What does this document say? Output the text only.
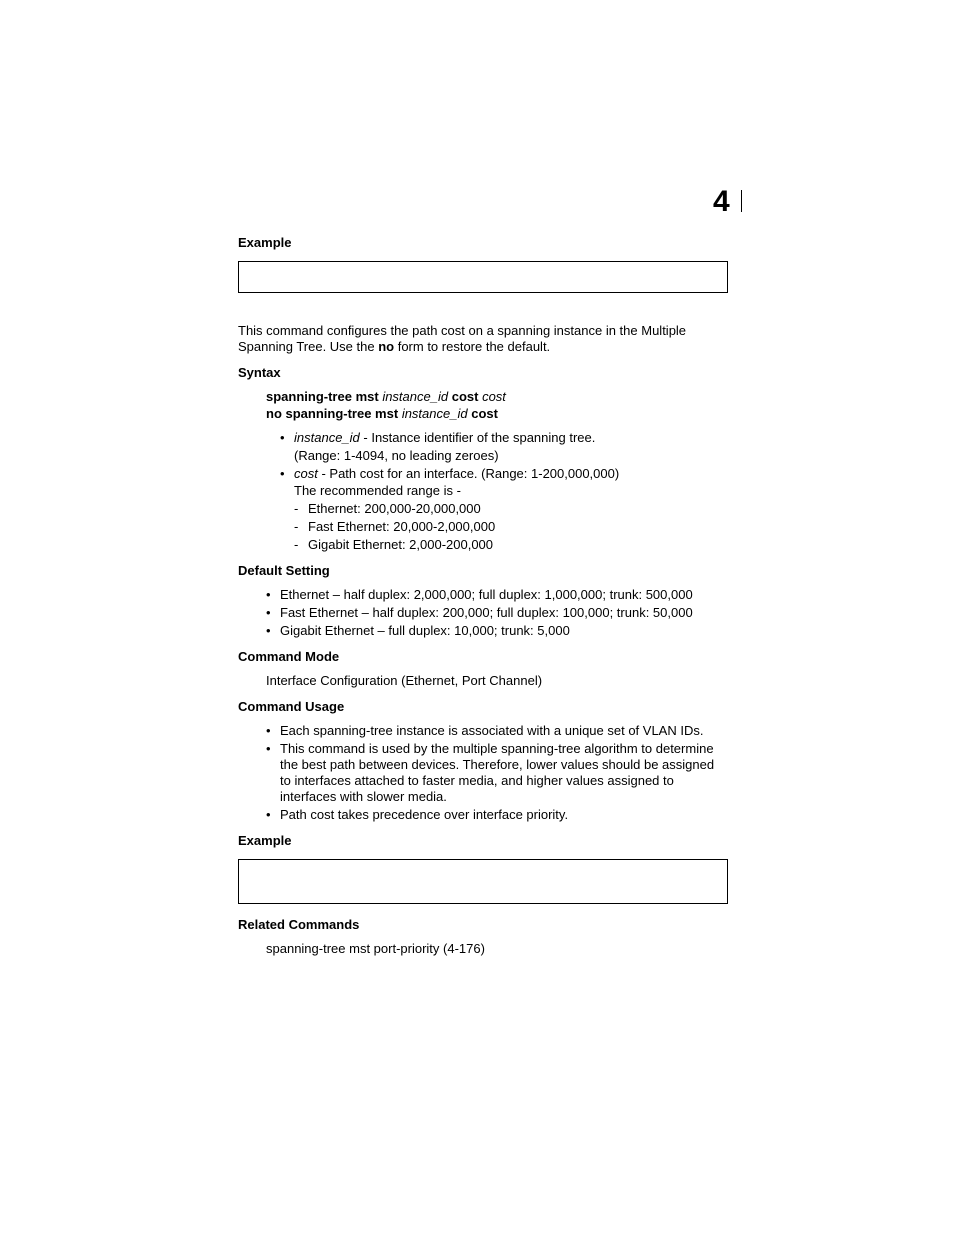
4
Example
This command configures the path cost on a spanning instance in the Multiple Spanning Tree. Use the no form to restore the default.
Syntax
spanning-tree mst instance_id cost cost
no spanning-tree mst instance_id cost
• instance_id - Instance identifier of the spanning tree.
(Range: 1-4094, no leading zeroes)
• cost - Path cost for an interface. (Range: 1-200,000,000)
The recommended range is -
- Ethernet: 200,000-20,000,000
- Fast Ethernet: 20,000-2,000,000
- Gigabit Ethernet: 2,000-200,000
Default Setting
• Ethernet – half duplex: 2,000,000; full duplex: 1,000,000; trunk: 500,000
• Fast Ethernet – half duplex: 200,000; full duplex: 100,000; trunk: 50,000
• Gigabit Ethernet – full duplex: 10,000; trunk: 5,000
Command Mode
Interface Configuration (Ethernet, Port Channel)
Command Usage
• Each spanning-tree instance is associated with a unique set of VLAN IDs.
• This command is used by the multiple spanning-tree algorithm to determine the best path between devices. Therefore, lower values should be assigned to interfaces attached to faster media, and higher values assigned to interfaces with slower media.
• Path cost takes precedence over interface priority.
Example
Related Commands
spanning-tree mst port-priority (4-176)
